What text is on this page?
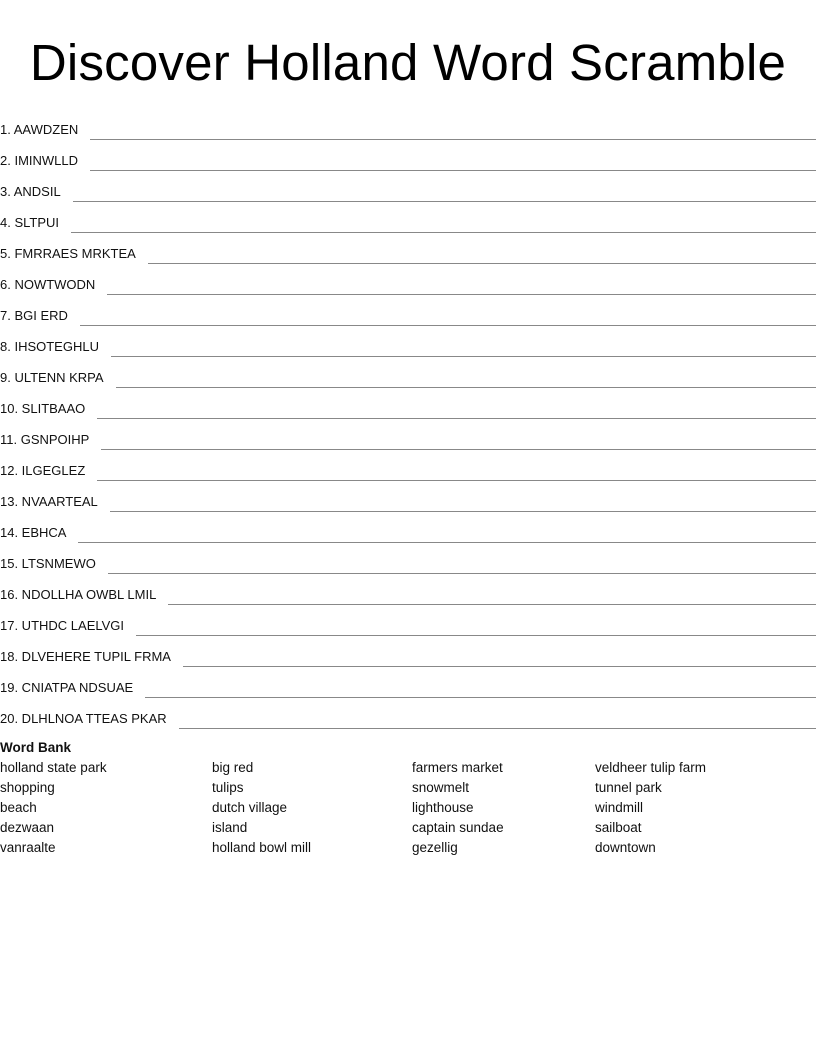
Discover Holland Word Scramble
1. AAWDZEN
2. IMINWLLD
3. ANDSIL
4. SLTPUI
5. FMRRAES MRKTEA
6. NOWTWODN
7. BGI ERD
8. IHSOTEGHLU
9. ULTENN KRPA
10. SLITBAAO
11. GSNPOIHP
12. ILGEGLEZ
13. NVAARTEAL
14. EBHCA
15. LTSNMEWO
16. NDOLLHA OWBL LMIL
17. UTHDC LAELVGI
18. DLVEHERE TUPIL FRMA
19. CNIATPA NDSUAE
20. DLHLNOA TTEAS PKAR
Word Bank
holland state park
shopping
beach
dezwaan
vanraalte
big red
tulips
dutch village
island
holland bowl mill
farmers market
snowmelt
lighthouse
captain sundae
gezellig
veldheer tulip farm
tunnel park
windmill
sailboat
downtown
